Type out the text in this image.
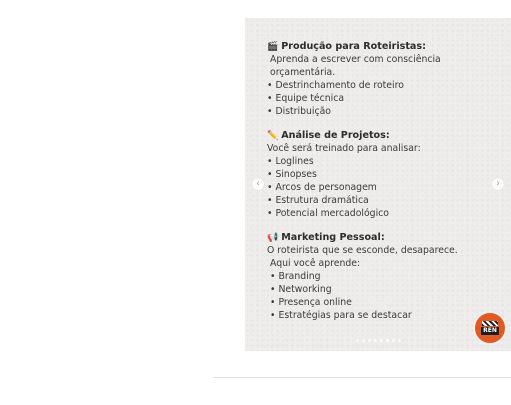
🎬 Produção para Roteiristas:
Aprenda a escrever com consciência orçamentária.
• Destrinchamento de roteiro
• Equipe técnica
• Distribuição
✏️ Análise de Projetos:
Você será treinado para analisar:
• Loglines
• Sinopses
• Arcos de personagem
• Estrutura dramática
• Potencial mercadológico
📢 Marketing Pessoal:
O roteirista que se esconde, desaparece.
Aqui você aprende:
• Branding
• Networking
• Presença online
• Estratégias para se destacar
REN
‹	›
